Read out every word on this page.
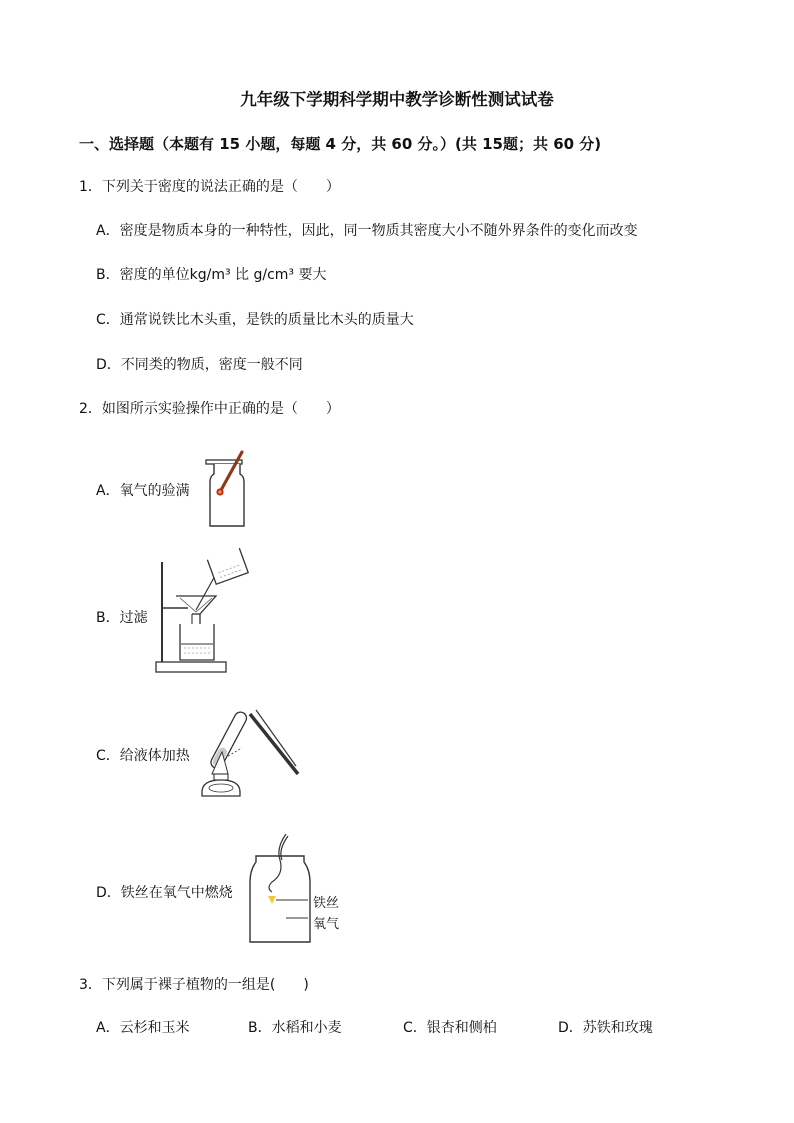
九年级下学期科学期中教学诊断性测试试卷
一、选择题（本题有 15 小题，每题 4 分，共 60 分。）(共 15题；共 60 分)
1．下列关于密度的说法正确的是（　　）
A．密度是物质本身的一种特性，因此，同一物质其密度大小不随外界条件的变化而改变
B．密度的单位kg/m³ 比 g/cm³ 要大
C．通常说铁比木头重，是铁的质量比木头的质量大
D．不同类的物质，密度一般不同
2．如图所示实验操作中正确的是（　　）
A．氧气的验满
B．过滤
C．给液体加热
D．铁丝在氧气中燃烧
铁丝
氧气
3．下列属于裸子植物的一组是(　　)
A．云杉和玉米	B．水稻和小麦	C．银杏和侧柏	D．苏铁和玫瑰
